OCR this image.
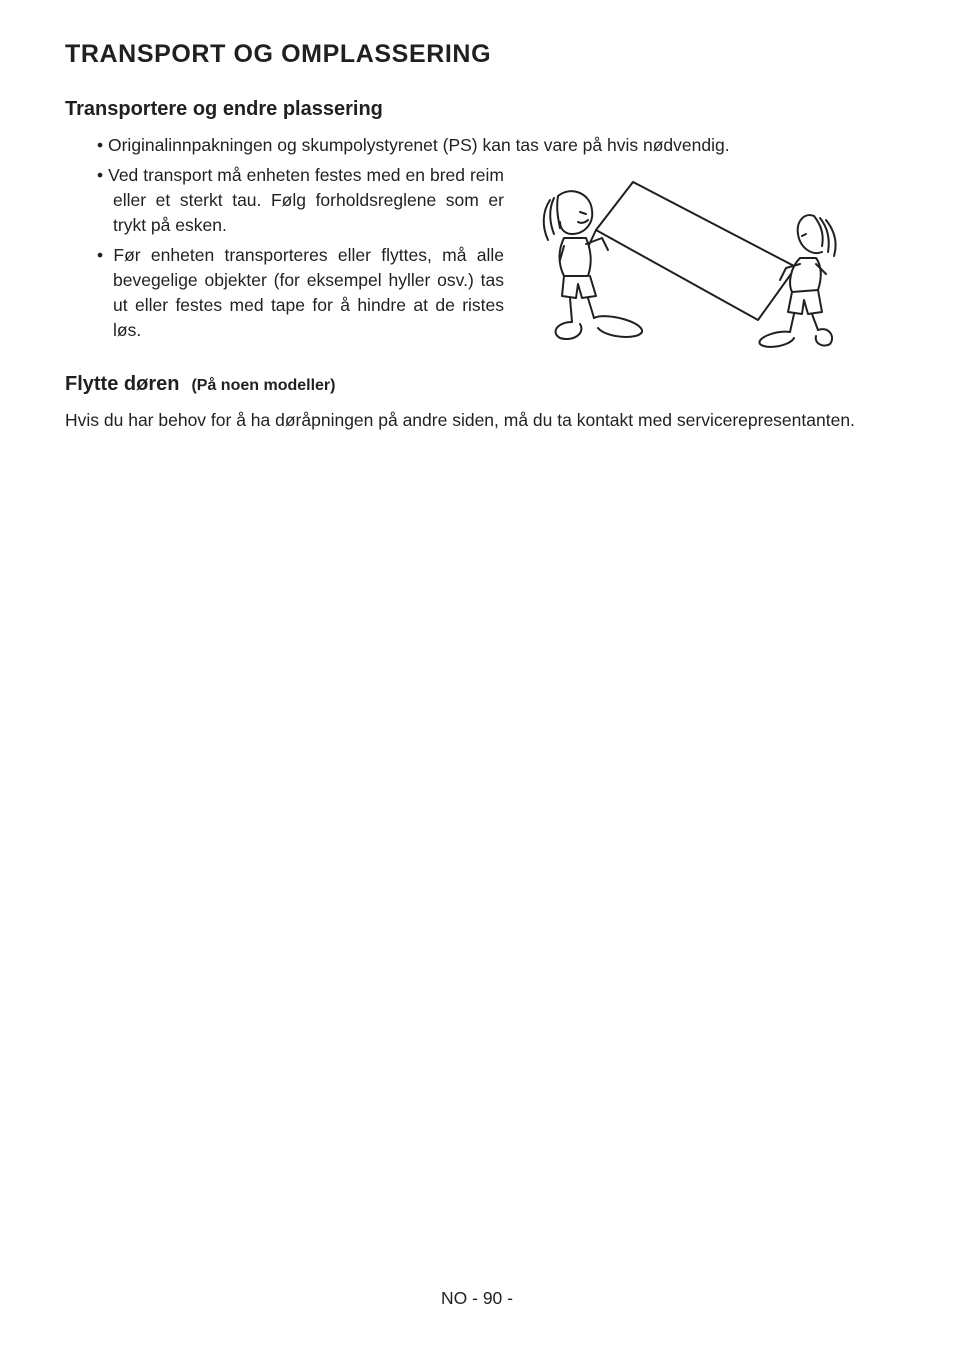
TRANSPORT OG OMPLASSERING
Transportere og endre plassering
• Originalinnpakningen og skumpolystyrenet (PS) kan tas vare på hvis nødvendig.
• Ved transport må enheten festes med en bred reim eller et sterkt tau. Følg forholdsreglene som er trykt på esken.
• Før enheten transporteres eller flyttes, må alle bevegelige objekter (for eksempel hyller osv.) tas ut eller festes med tape for å hindre at de ristes løs.
Flytte døren (På noen modeller)
Hvis du har behov for å ha døråpningen på andre siden, må du ta kontakt med servicerepresentanten.
NO - 90 -
